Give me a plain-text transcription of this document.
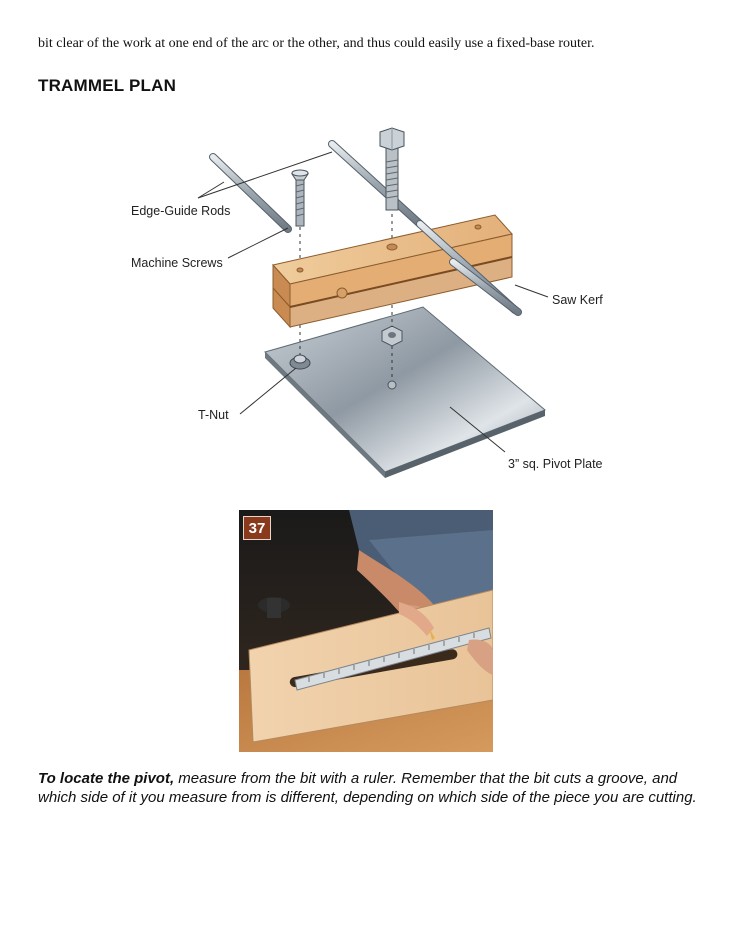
bit clear of the work at one end of the arc or the other, and thus could easily use a fixed-base router.

TRAMMEL PLAN
Edge-Guide Rods
Machine Screws
Saw Kerf
T-Nut
3” sq. Pivot Plate
37

To locate the pivot, measure from the bit with a ruler. Remember that the bit cuts a groove, and which side of it you measure from is different, depending on which side of the piece you are cutting.
